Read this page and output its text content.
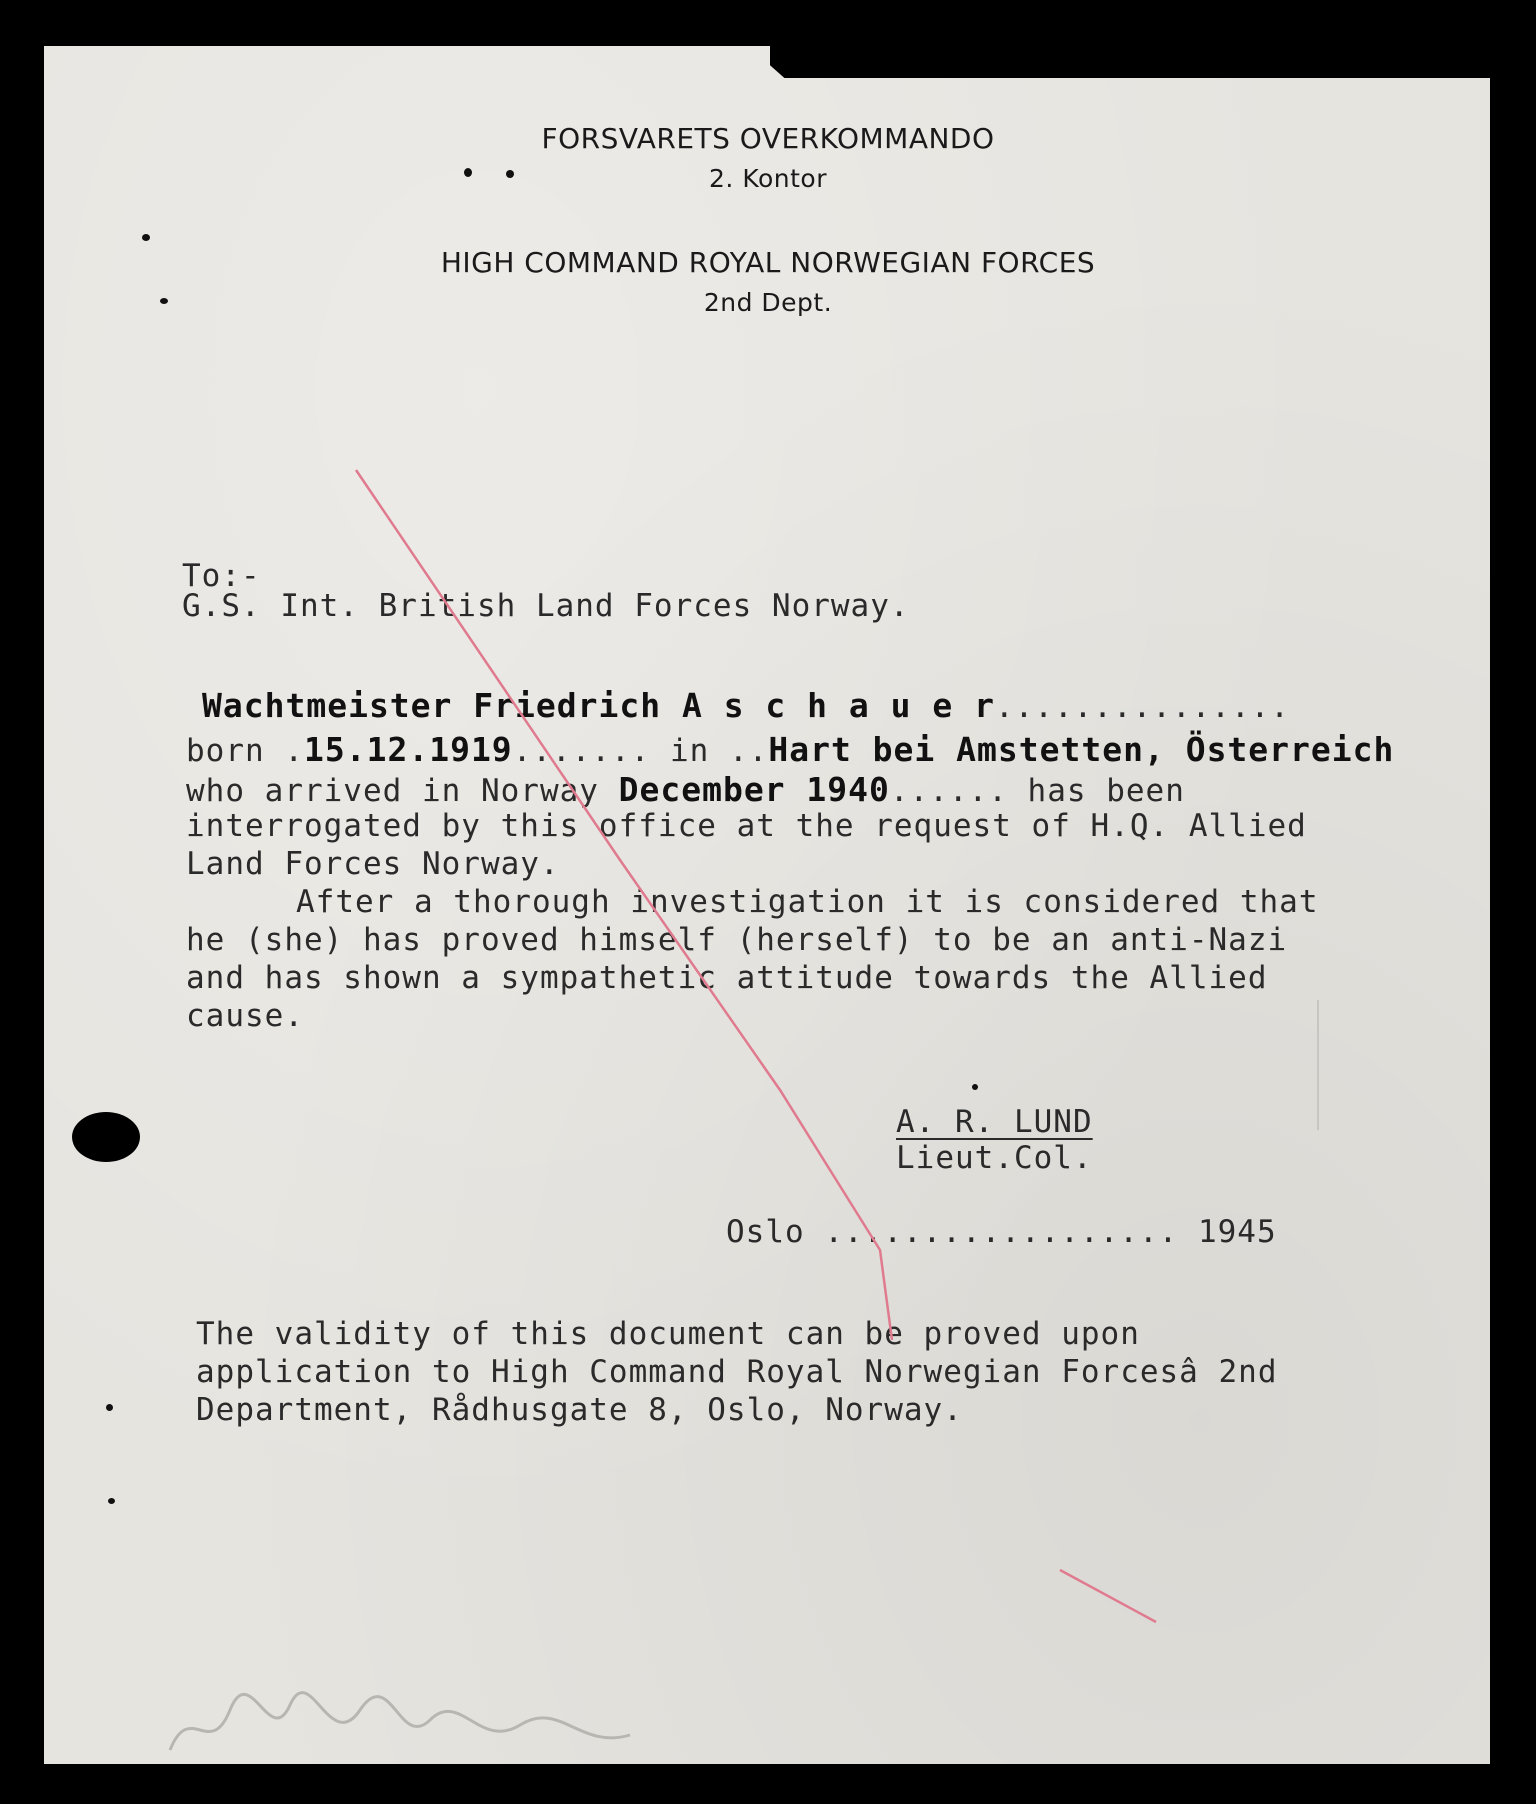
FORSVARETS OVERKOMMANDO
2. Kontor
HIGH COMMAND ROYAL NORWEGIAN FORCES
2nd Dept.
To:-
G.S. Int. British Land Forces Norway.
Wachtmeister Friedrich A s c h a u e r...............
born .15.12.1919....... in ..Hart bei Amstetten, Österreich
who arrived in Norway December 1940...... has been
interrogated by this office at the request of H.Q. Allied
Land Forces Norway.
After a thorough investigation it is considered that
he (she) has proved himself (herself) to be an anti-Nazi
and has shown a sympathetic attitude towards the Allied
cause.
A. R. LUND
Lieut.Col.
Oslo .................. 1945
The validity of this document can be proved upon
application to High Command Royal Norwegian Forcesâ 2nd
Department, Rådhusgate 8, Oslo, Norway.
